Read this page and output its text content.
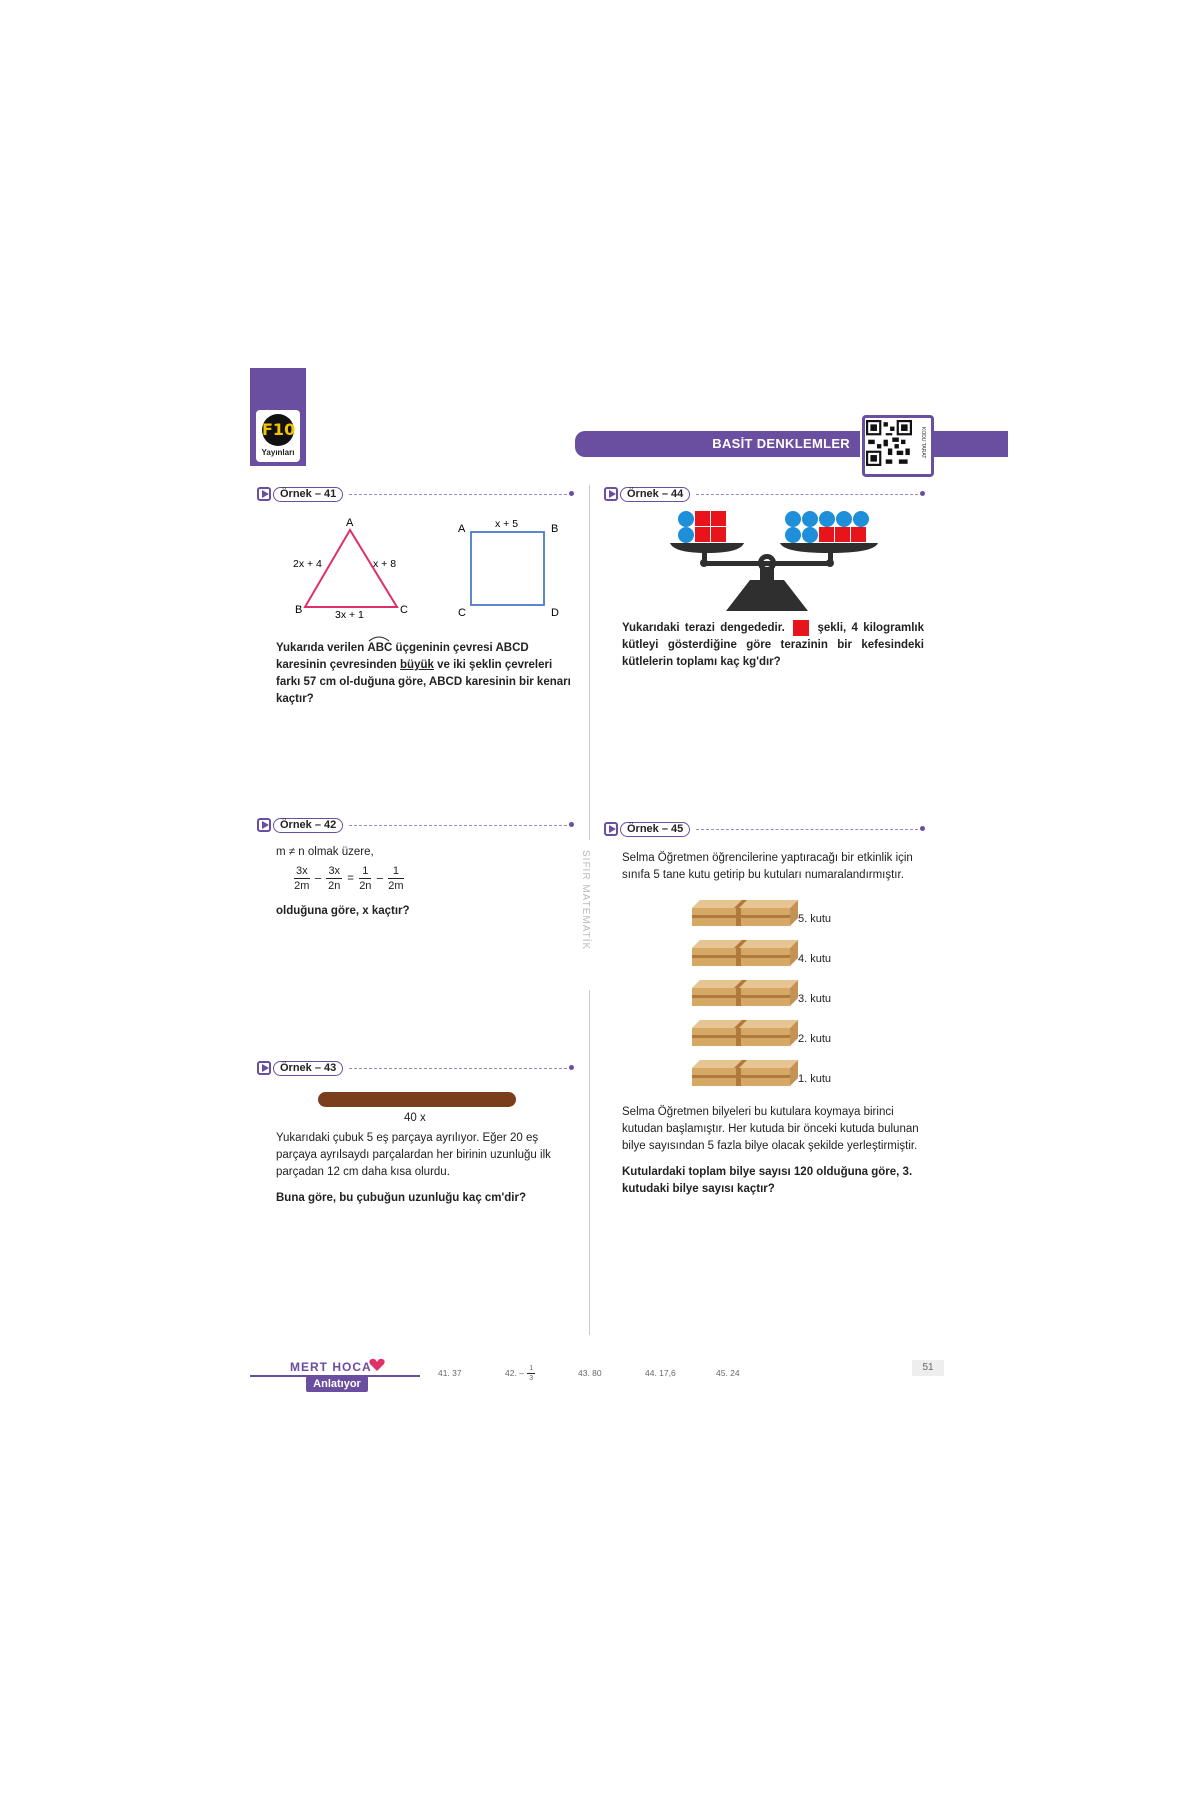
F10
Yayınları
BASİT DENKLEMLER	KODU TARAT
SIFIR MATEMATİK
Örnek – 41
A
B	C
2x + 4	x + 8
3x + 1
A	B
C	D
x + 5
Yukarıda verilen ABC üçgeninin çevresi ABCD karesinin çevresinden büyük ve iki şeklin çevreleri farkı 57 cm ol-duğuna göre, ABCD karesinin bir kenarı kaçtır?
Örnek – 44
Yukarıdaki terazi dengededir.	şekli, 4 kilogramlık kütleyi gösterdiğine göre terazinin bir kefesindeki kütlelerin toplamı kaç kg'dır?
Örnek – 42
m ≠ n olmak üzere,
$\frac{3x}{2m} - \frac{3x}{2n} = \frac{1}{2n} - \frac{1}{2m}$
olduğuna göre, x kaçtır?
Örnek – 45
Selma Öğretmen öğrencilerine yaptıracağı bir etkinlik için sınıfa 5 tane kutu getirip bu kutuları numaralandırmıştır.
5. kutu
4. kutu
3. kutu
2. kutu
1. kutu
Selma Öğretmen bilyeleri bu kutulara koymaya birinci kutudan başlamıştır. Her kutuda bir önceki kutuda bulunan bilye sayısından 5 fazla bilye olacak şekilde yerleştirmiştir.
Kutulardaki toplam bilye sayısı 120 olduğuna göre, 3. kutudaki bilye sayısı kaçtır?
Örnek – 43
40 x
Yukarıdaki çubuk 5 eş parçaya ayrılıyor. Eğer 20 eş parçaya ayrılsaydı parçalardan her birinin uzunluğu ilk parçadan 12 cm daha kısa olurdu.
Buna göre, bu çubuğun uzunluğu kaç cm'dir?
MERT HOCA
Anlatıyor
41. 37	42. – $\frac{1}{3}$	43. 80	44. 17,6	45. 24	51
